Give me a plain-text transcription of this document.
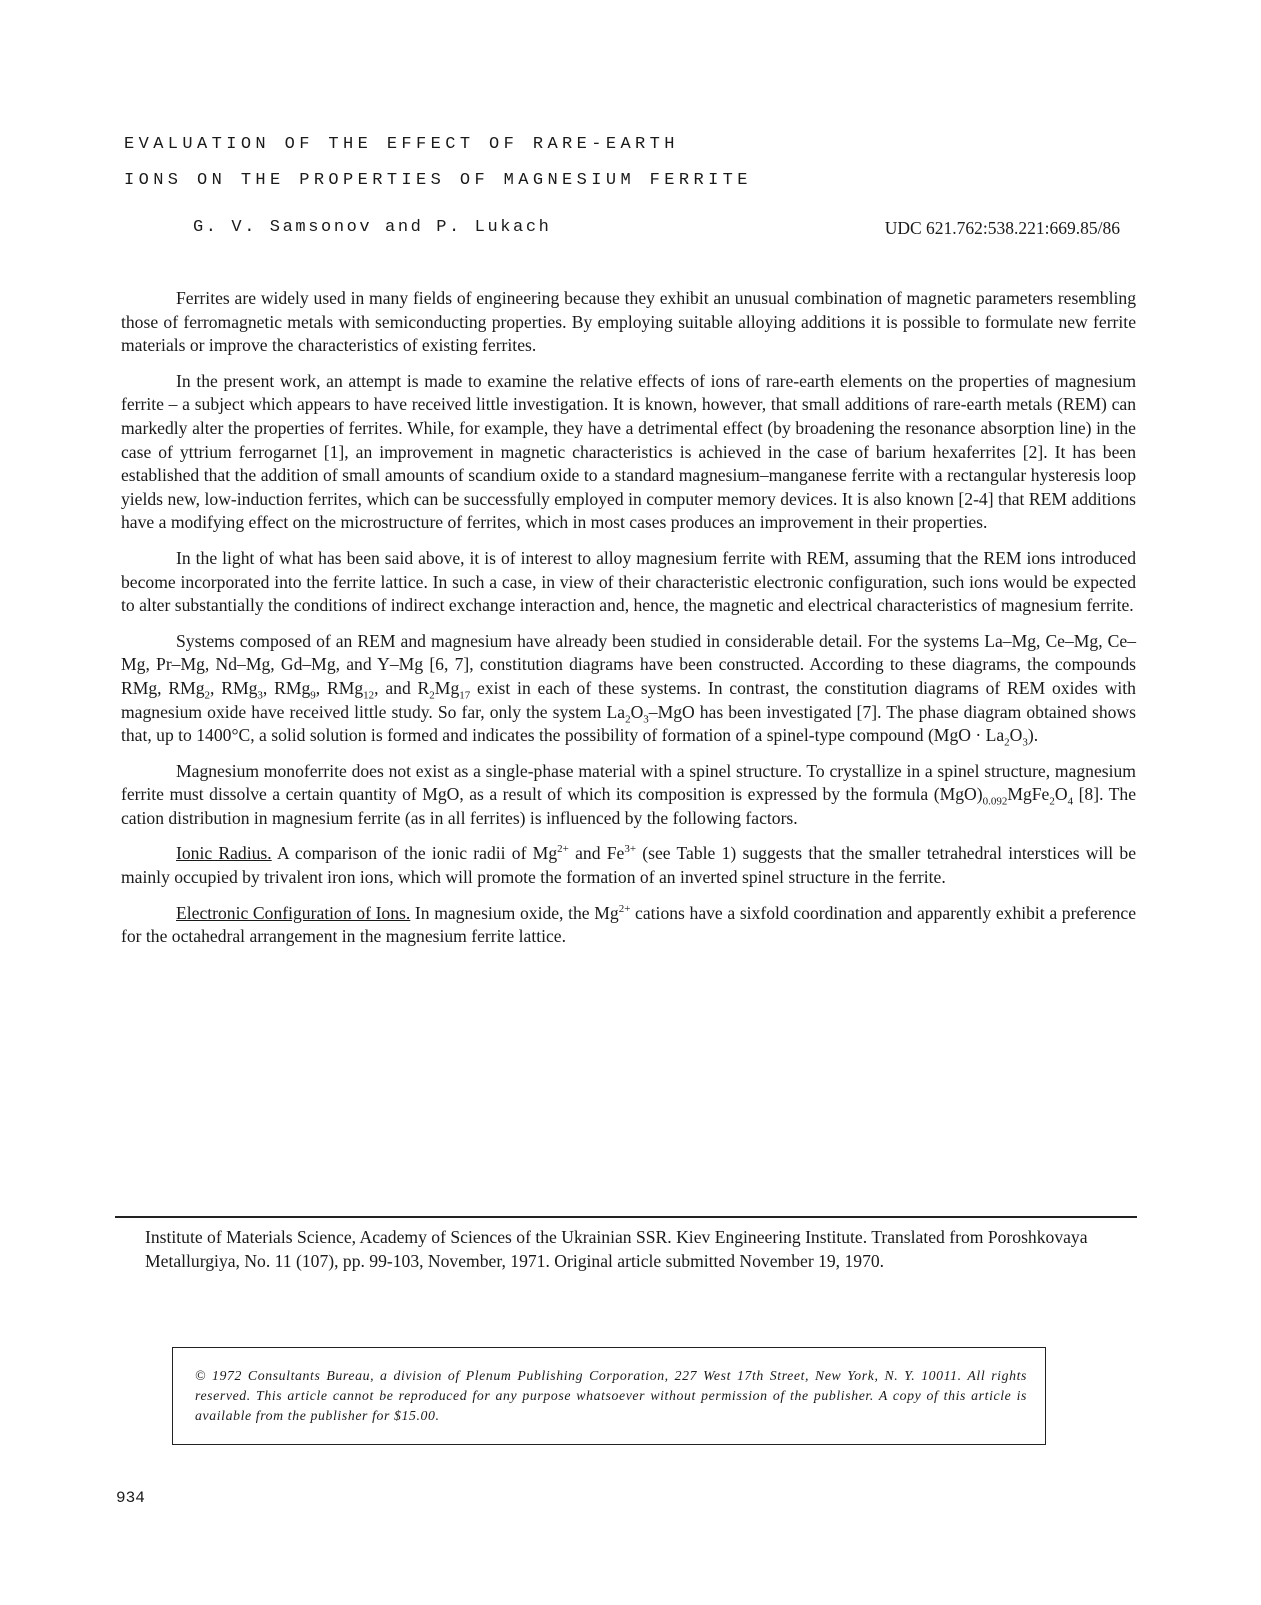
EVALUATION OF THE EFFECT OF RARE-EARTH
IONS ON THE PROPERTIES OF MAGNESIUM FERRITE
G. V. Samsonov and P. Lukach	UDC 621.762:538.221:669.85/86

Ferrites are widely used in many fields of engineering because they exhibit an unusual combination of magnetic parameters resembling those of ferromagnetic metals with semiconducting properties. By employing suitable alloying additions it is possible to formulate new ferrite materials or improve the characteristics of existing ferrites.

In the present work, an attempt is made to examine the relative effects of ions of rare-earth elements on the properties of magnesium ferrite – a subject which appears to have received little investigation. It is known, however, that small additions of rare-earth metals (REM) can markedly alter the properties of ferrites. While, for example, they have a detrimental effect (by broadening the resonance absorption line) in the case of yttrium ferrogarnet [1], an improvement in magnetic characteristics is achieved in the case of barium hexaferrites [2]. It has been established that the addition of small amounts of scandium oxide to a standard magnesium–manganese ferrite with a rectangular hysteresis loop yields new, low-induction ferrites, which can be successfully employed in computer memory devices. It is also known [2-4] that REM additions have a modifying effect on the microstructure of ferrites, which in most cases produces an improvement in their properties.

In the light of what has been said above, it is of interest to alloy magnesium ferrite with REM, assuming that the REM ions introduced become incorporated into the ferrite lattice. In such a case, in view of their characteristic electronic configuration, such ions would be expected to alter substantially the conditions of indirect exchange interaction and, hence, the magnetic and electrical characteristics of magnesium ferrite.

Systems composed of an REM and magnesium have already been studied in considerable detail. For the systems La–Mg, Ce–Mg, Ce–Mg, Pr–Mg, Nd–Mg, Gd–Mg, and Y–Mg [6, 7], constitution diagrams have been constructed. According to these diagrams, the compounds RMg, RMg$_2$, RMg$_3$, RMg$_9$, RMg$_{12}$, and $R_2Mg_{17}$ exist in each of these systems. In contrast, the constitution diagrams of REM oxides with magnesium oxide have received little study. So far, only the system $La_2O_3$–MgO has been investigated [7]. The phase diagram obtained shows that, up to 1400°C, a solid solution is formed and indicates the possibility of formation of a spinel-type compound $(MgO \cdot La_2O_3)$.

Magnesium monoferrite does not exist as a single-phase material with a spinel structure. To crystallize in a spinel structure, magnesium ferrite must dissolve a certain quantity of MgO, as a result of which its composition is expressed by the formula $(MgO)_{0.092}MgFe_2O_4$ [8]. The cation distribution in magnesium ferrite (as in all ferrites) is influenced by the following factors.

Ionic Radius. A comparison of the ionic radii of $Mg^{2+}$ and $Fe^{3+}$ (see Table 1) suggests that the smaller tetrahedral interstices will be mainly occupied by trivalent iron ions, which will promote the formation of an inverted spinel structure in the ferrite.

Electronic Configuration of Ions. In magnesium oxide, the $Mg^{2+}$ cations have a sixfold coordination and apparently exhibit a preference for the octahedral arrangement in the magnesium ferrite lattice.

Institute of Materials Science, Academy of Sciences of the Ukrainian SSR. Kiev Engineering Institute. Translated from Poroshkovaya Metallurgiya, No. 11 (107), pp. 99-103, November, 1971. Original article submitted November 19, 1970.
© 1972 Consultants Bureau, a division of Plenum Publishing Corporation, 227 West 17th Street, New York, N. Y. 10011. All rights reserved. This article cannot be reproduced for any purpose whatsoever without permission of the publisher. A copy of this article is available from the publisher for $15.00.
934
